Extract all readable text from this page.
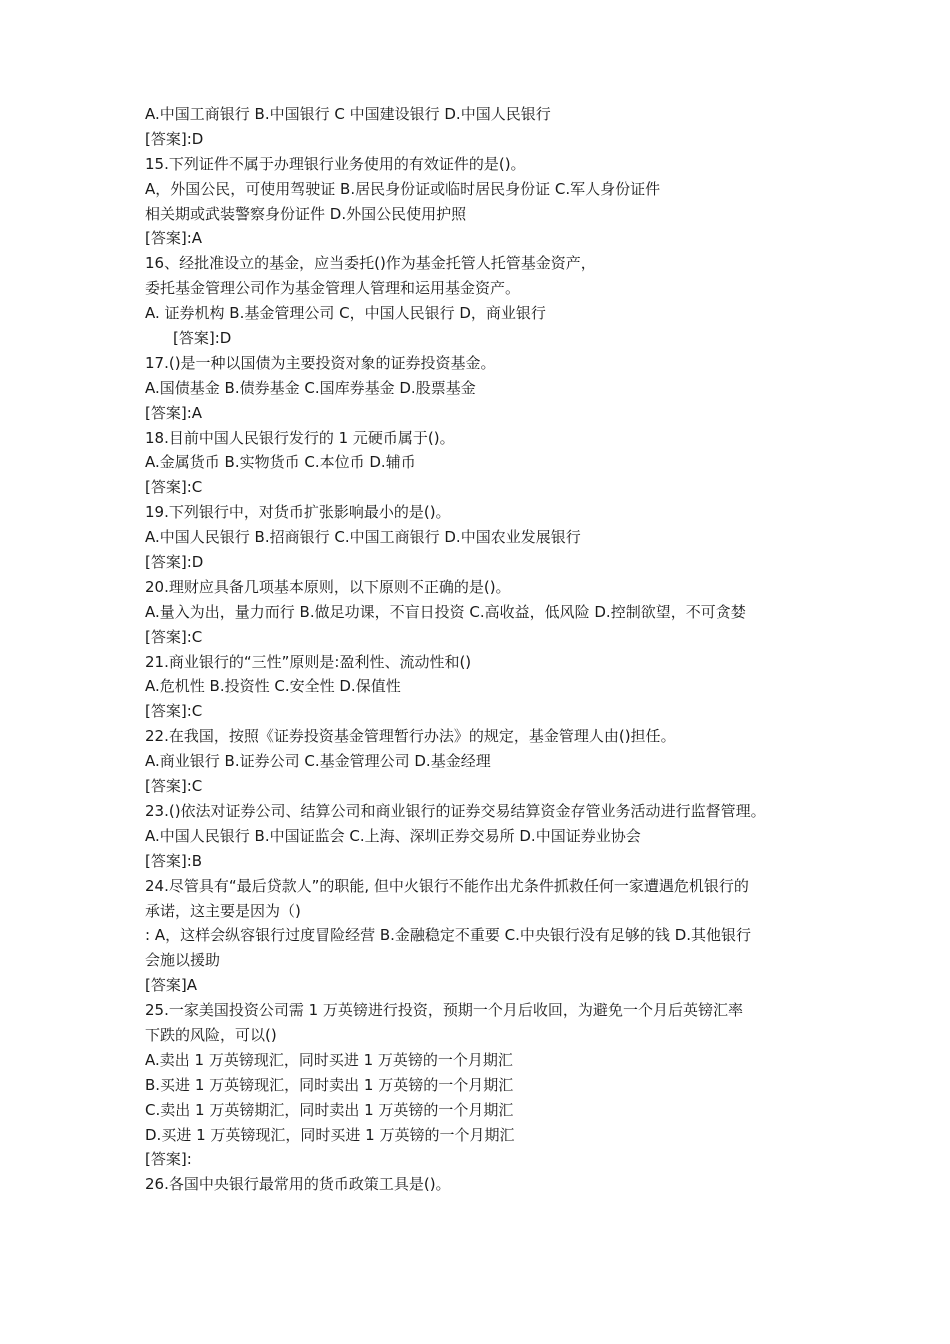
A.中国工商银行 B.中国银行 C 中国建设银行 D.中国人民银行
[答案]:D
15.下列证件不属于办理银行业务使用的有效证件的是()。
A，外国公民，可使用驾驶证 B.居民身份证或临时居民身份证 C.军人身份证件
相关期或武装警察身份证件 D.外国公民使用护照
[答案]:A
16、经批准设立的基金，应当委托()作为基金托管人托管基金资产，
委托基金管理公司作为基金管理人管理和运用基金资产。
A. 证券机构 B.基金管理公司 C，中国人民银行 D，商业银行
[答案]:D
17.()是一种以国债为主要投资对象的证券投资基金。
A.国债基金 B.债券基金 C.国库券基金 D.股票基金
[答案]:A
18.目前中国人民银行发行的 1 元硬币属于()。
A.金属货币 B.实物货币 C.本位币 D.辅币
[答案]:C
19.下列银行中，对货币扩张影响最小的是()。
A.中国人民银行 B.招商银行 C.中国工商银行 D.中国农业发展银行
[答案]:D
20.理财应具备几项基本原则，以下原则不正确的是()。
A.量入为出，量力而行 B.做足功课，不盲日投资 C.高收益，低风险 D.控制欲望，不可贪婪
[答案]:C
21.商业银行的“三性”原则是:盈利性、流动性和()
A.危机性 B.投资性 C.安全性 D.保值性
[答案]:C
22.在我国，按照《证券投资基金管理暂行办法》的规定，基金管理人由()担任。
A.商业银行 B.证券公司 C.基金管理公司 D.基金经理
[答案]:C
23.()依法对证券公司、结算公司和商业银行的证券交易结算资金存管业务活动进行监督管理。
A.中国人民银行 B.中国证监会 C.上海、深圳正券交易所 D.中国证券业协会
[答案]:B
24.尽管具有“最后贷款人”的职能, 但中火银行不能作出尤条件抓救任何一家遭遇危机银行的
承诺，这主要是因为（)
: A，这样会纵容银行过度冒险经营 B.金融稳定不重要 C.中央银行没有足够的钱 D.其他银行
会施以援助
[答案]A
25.一家美国投资公司需 1 万英镑进行投资，预期一个月后收回，为避免一个月后英镑汇率
下跌的风险，可以()
A.卖出 1 万英镑现汇，同时买进 1 万英镑的一个月期汇
B.买进 1 万英镑现汇，同时卖出 1 万英镑的一个月期汇
C.卖出 1 万英镑期汇，同时卖出 1 万英镑的一个月期汇
D.买进 1 万英镑现汇，同时买进 1 万英镑的一个月期汇
[答案]:
26.各国中央银行最常用的货币政策工具是()。
